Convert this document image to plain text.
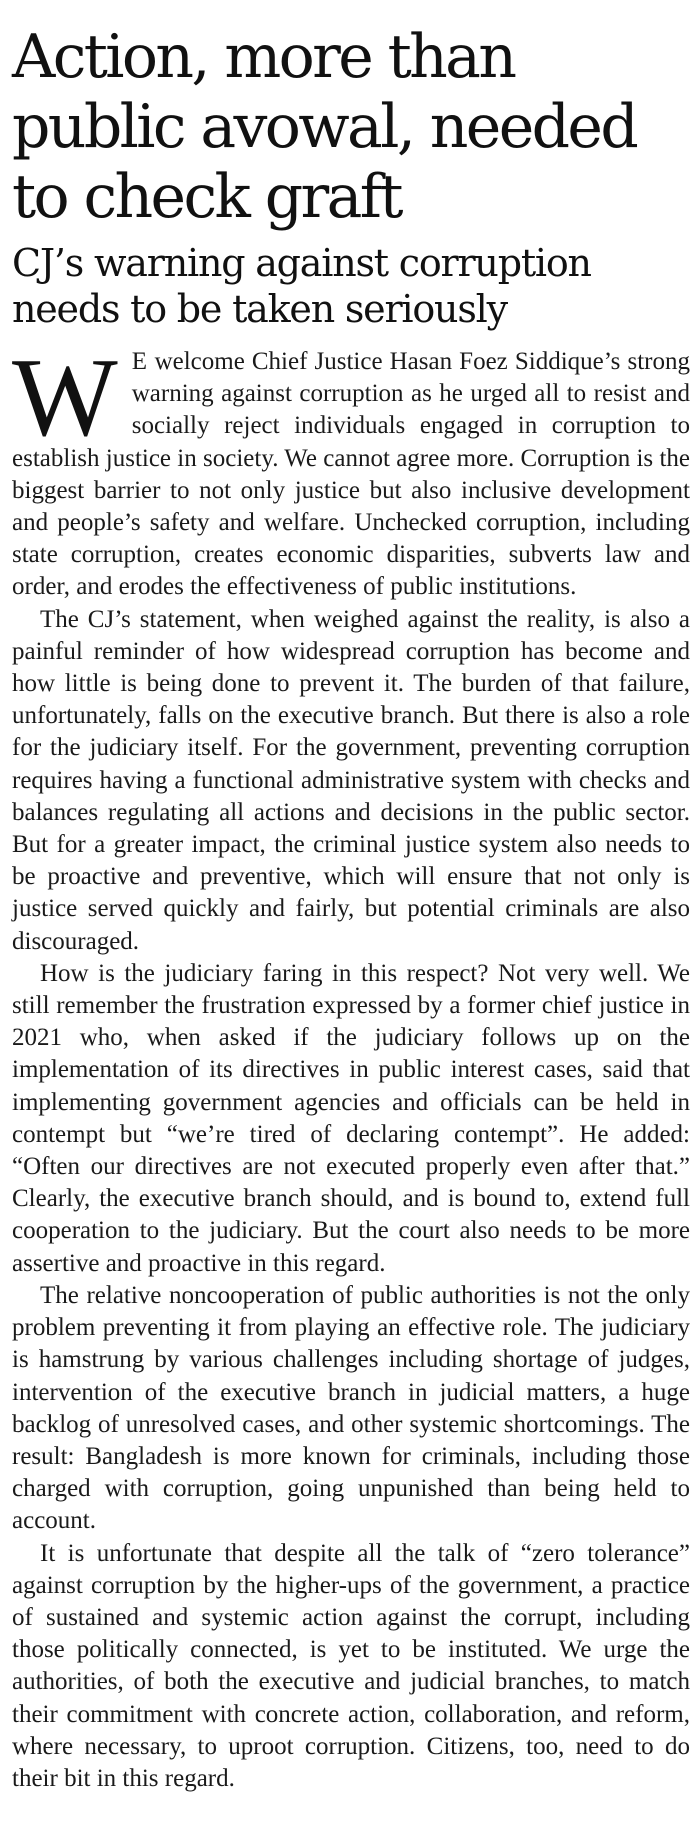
Action, more than public avowal, needed to check graft
CJ’s warning against corruption needs to be taken seriously

W E welcome Chief Justice Hasan Foez Siddique’s strong warning against corruption as he urged all to resist and socially reject individuals engaged in corruption to establish justice in society. We cannot agree more. Corruption is the biggest barrier to not only justice but also inclusive development and people’s safety and welfare. Unchecked corruption, including state corruption, creates economic disparities, subverts law and order, and erodes the effectiveness of public institutions.

The CJ’s statement, when weighed against the reality, is also a painful reminder of how widespread corruption has become and how little is being done to prevent it. The burden of that failure, unfortunately, falls on the executive branch. But there is also a role for the judiciary itself. For the government, preventing corruption requires having a functional administrative system with checks and balances regulating all actions and decisions in the public sector. But for a greater impact, the criminal justice system also needs to be proactive and preventive, which will ensure that not only is justice served quickly and fairly, but potential criminals are also discouraged.

How is the judiciary faring in this respect? Not very well. We still remember the frustration expressed by a former chief justice in 2021 who, when asked if the judiciary follows up on the implementation of its directives in public interest cases, said that implementing government agencies and officials can be held in contempt but “we’re tired of declaring contempt”. He added: “Often our directives are not executed properly even after that.” Clearly, the executive branch should, and is bound to, extend full cooperation to the judiciary. But the court also needs to be more assertive and proactive in this regard.

The relative noncooperation of public authorities is not the only problem preventing it from playing an effective role. The judiciary is hamstrung by various challenges including shortage of judges, intervention of the executive branch in judicial matters, a huge backlog of unresolved cases, and other systemic shortcomings. The result: Bangladesh is more known for criminals, including those charged with corruption, going unpunished than being held to account.

It is unfortunate that despite all the talk of “zero tolerance” against corruption by the higher-ups of the government, a practice of sustained and systemic action against the corrupt, including those politically connected, is yet to be instituted. We urge the authorities, of both the executive and judicial branches, to match their commitment with concrete action, collaboration, and reform, where necessary, to uproot corruption. Citizens, too, need to do their bit in this regard.
